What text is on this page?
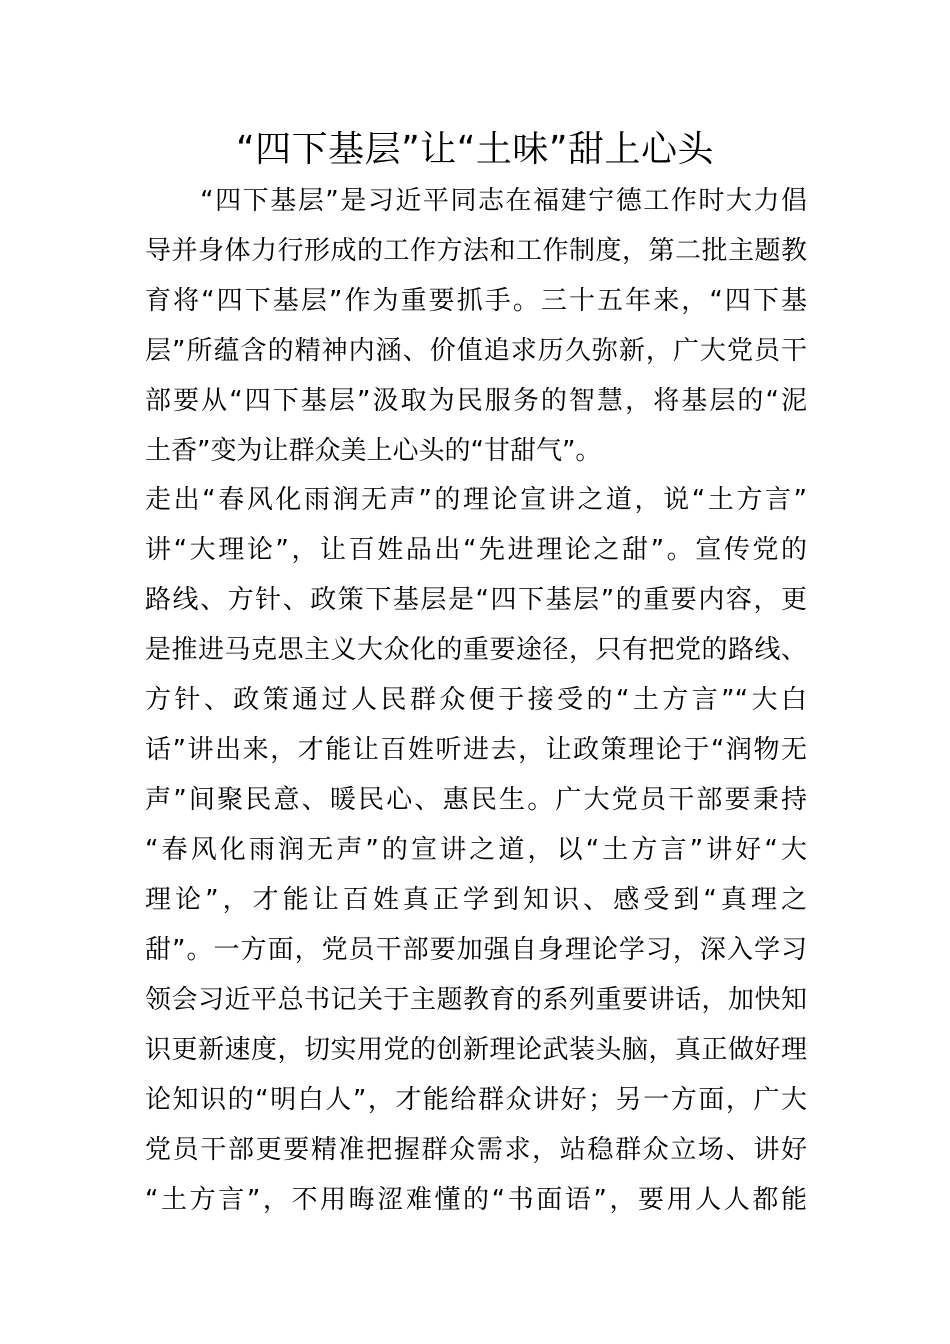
“四下基层”让“土味”甜上心头
　　“四下基层”是习近平同志在福建宁德工作时大力倡
导并身体力行形成的工作方法和工作制度，第二批主题教
育将“四下基层”作为重要抓手。三十五年来，“四下基
层”所蕴含的精神内涵、价值追求历久弥新，广大党员干
部要从“四下基层”汲取为民服务的智慧，将基层的“泥
土香”变为让群众美上心头的“甘甜气”。
走出“春风化雨润无声”的理论宣讲之道，说“土方言”
讲“大理论”，让百姓品出“先进理论之甜”。宣传党的
路线、方针、政策下基层是“四下基层”的重要内容，更
是推进马克思主义大众化的重要途径，只有把党的路线、
方针、政策通过人民群众便于接受的“土方言”“大白
话”讲出来，才能让百姓听进去，让政策理论于“润物无
声”间聚民意、暖民心、惠民生。广大党员干部要秉持
“春风化雨润无声”的宣讲之道，以“土方言”讲好“大
理论”，才能让百姓真正学到知识、感受到“真理之
甜”。一方面，党员干部要加强自身理论学习，深入学习
领会习近平总书记关于主题教育的系列重要讲话，加快知
识更新速度，切实用党的创新理论武装头脑，真正做好理
论知识的“明白人”，才能给群众讲好；另一方面，广大
党员干部更要精准把握群众需求，站稳群众立场、讲好
“土方言”，不用晦涩难懂的“书面语”，要用人人都能
